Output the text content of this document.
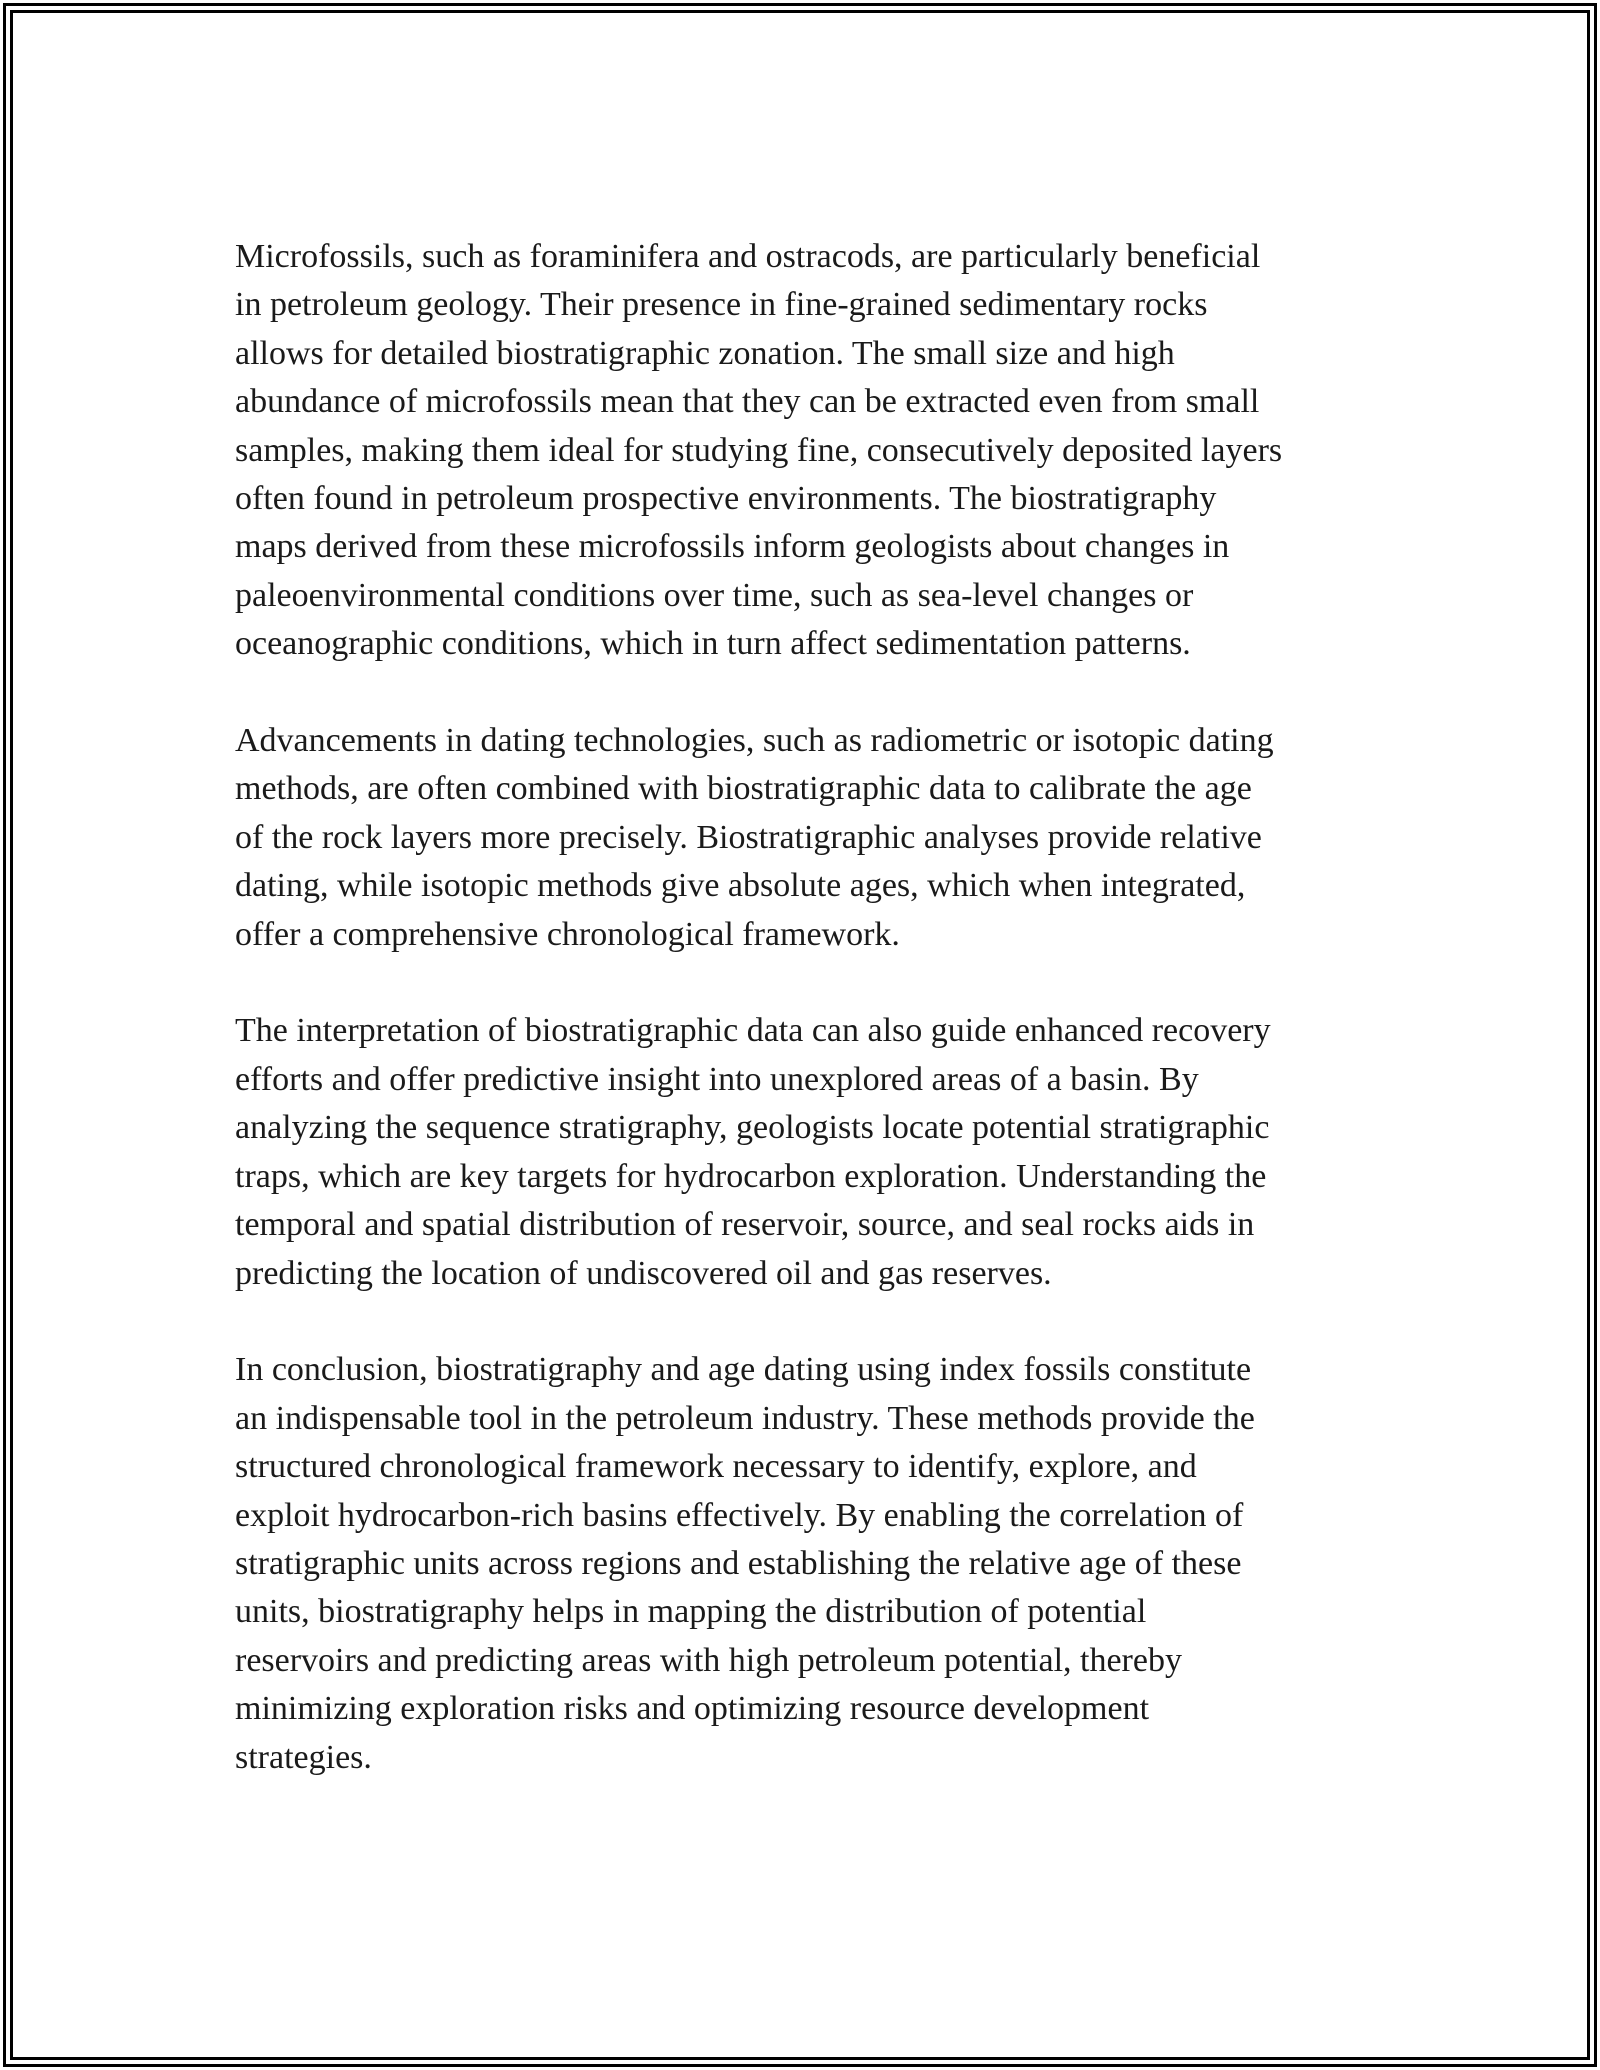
Microfossils, such as foraminifera and ostracods, are particularly beneficial
in petroleum geology. Their presence in fine-grained sedimentary rocks
allows for detailed biostratigraphic zonation. The small size and high
abundance of microfossils mean that they can be extracted even from small
samples, making them ideal for studying fine, consecutively deposited layers
often found in petroleum prospective environments. The biostratigraphy
maps derived from these microfossils inform geologists about changes in
paleoenvironmental conditions over time, such as sea-level changes or
oceanographic conditions, which in turn affect sedimentation patterns.

Advancements in dating technologies, such as radiometric or isotopic dating
methods, are often combined with biostratigraphic data to calibrate the age
of the rock layers more precisely. Biostratigraphic analyses provide relative
dating, while isotopic methods give absolute ages, which when integrated,
offer a comprehensive chronological framework.

The interpretation of biostratigraphic data can also guide enhanced recovery
efforts and offer predictive insight into unexplored areas of a basin. By
analyzing the sequence stratigraphy, geologists locate potential stratigraphic
traps, which are key targets for hydrocarbon exploration. Understanding the
temporal and spatial distribution of reservoir, source, and seal rocks aids in
predicting the location of undiscovered oil and gas reserves.

In conclusion, biostratigraphy and age dating using index fossils constitute
an indispensable tool in the petroleum industry. These methods provide the
structured chronological framework necessary to identify, explore, and
exploit hydrocarbon-rich basins effectively. By enabling the correlation of
stratigraphic units across regions and establishing the relative age of these
units, biostratigraphy helps in mapping the distribution of potential
reservoirs and predicting areas with high petroleum potential, thereby
minimizing exploration risks and optimizing resource development
strategies.
